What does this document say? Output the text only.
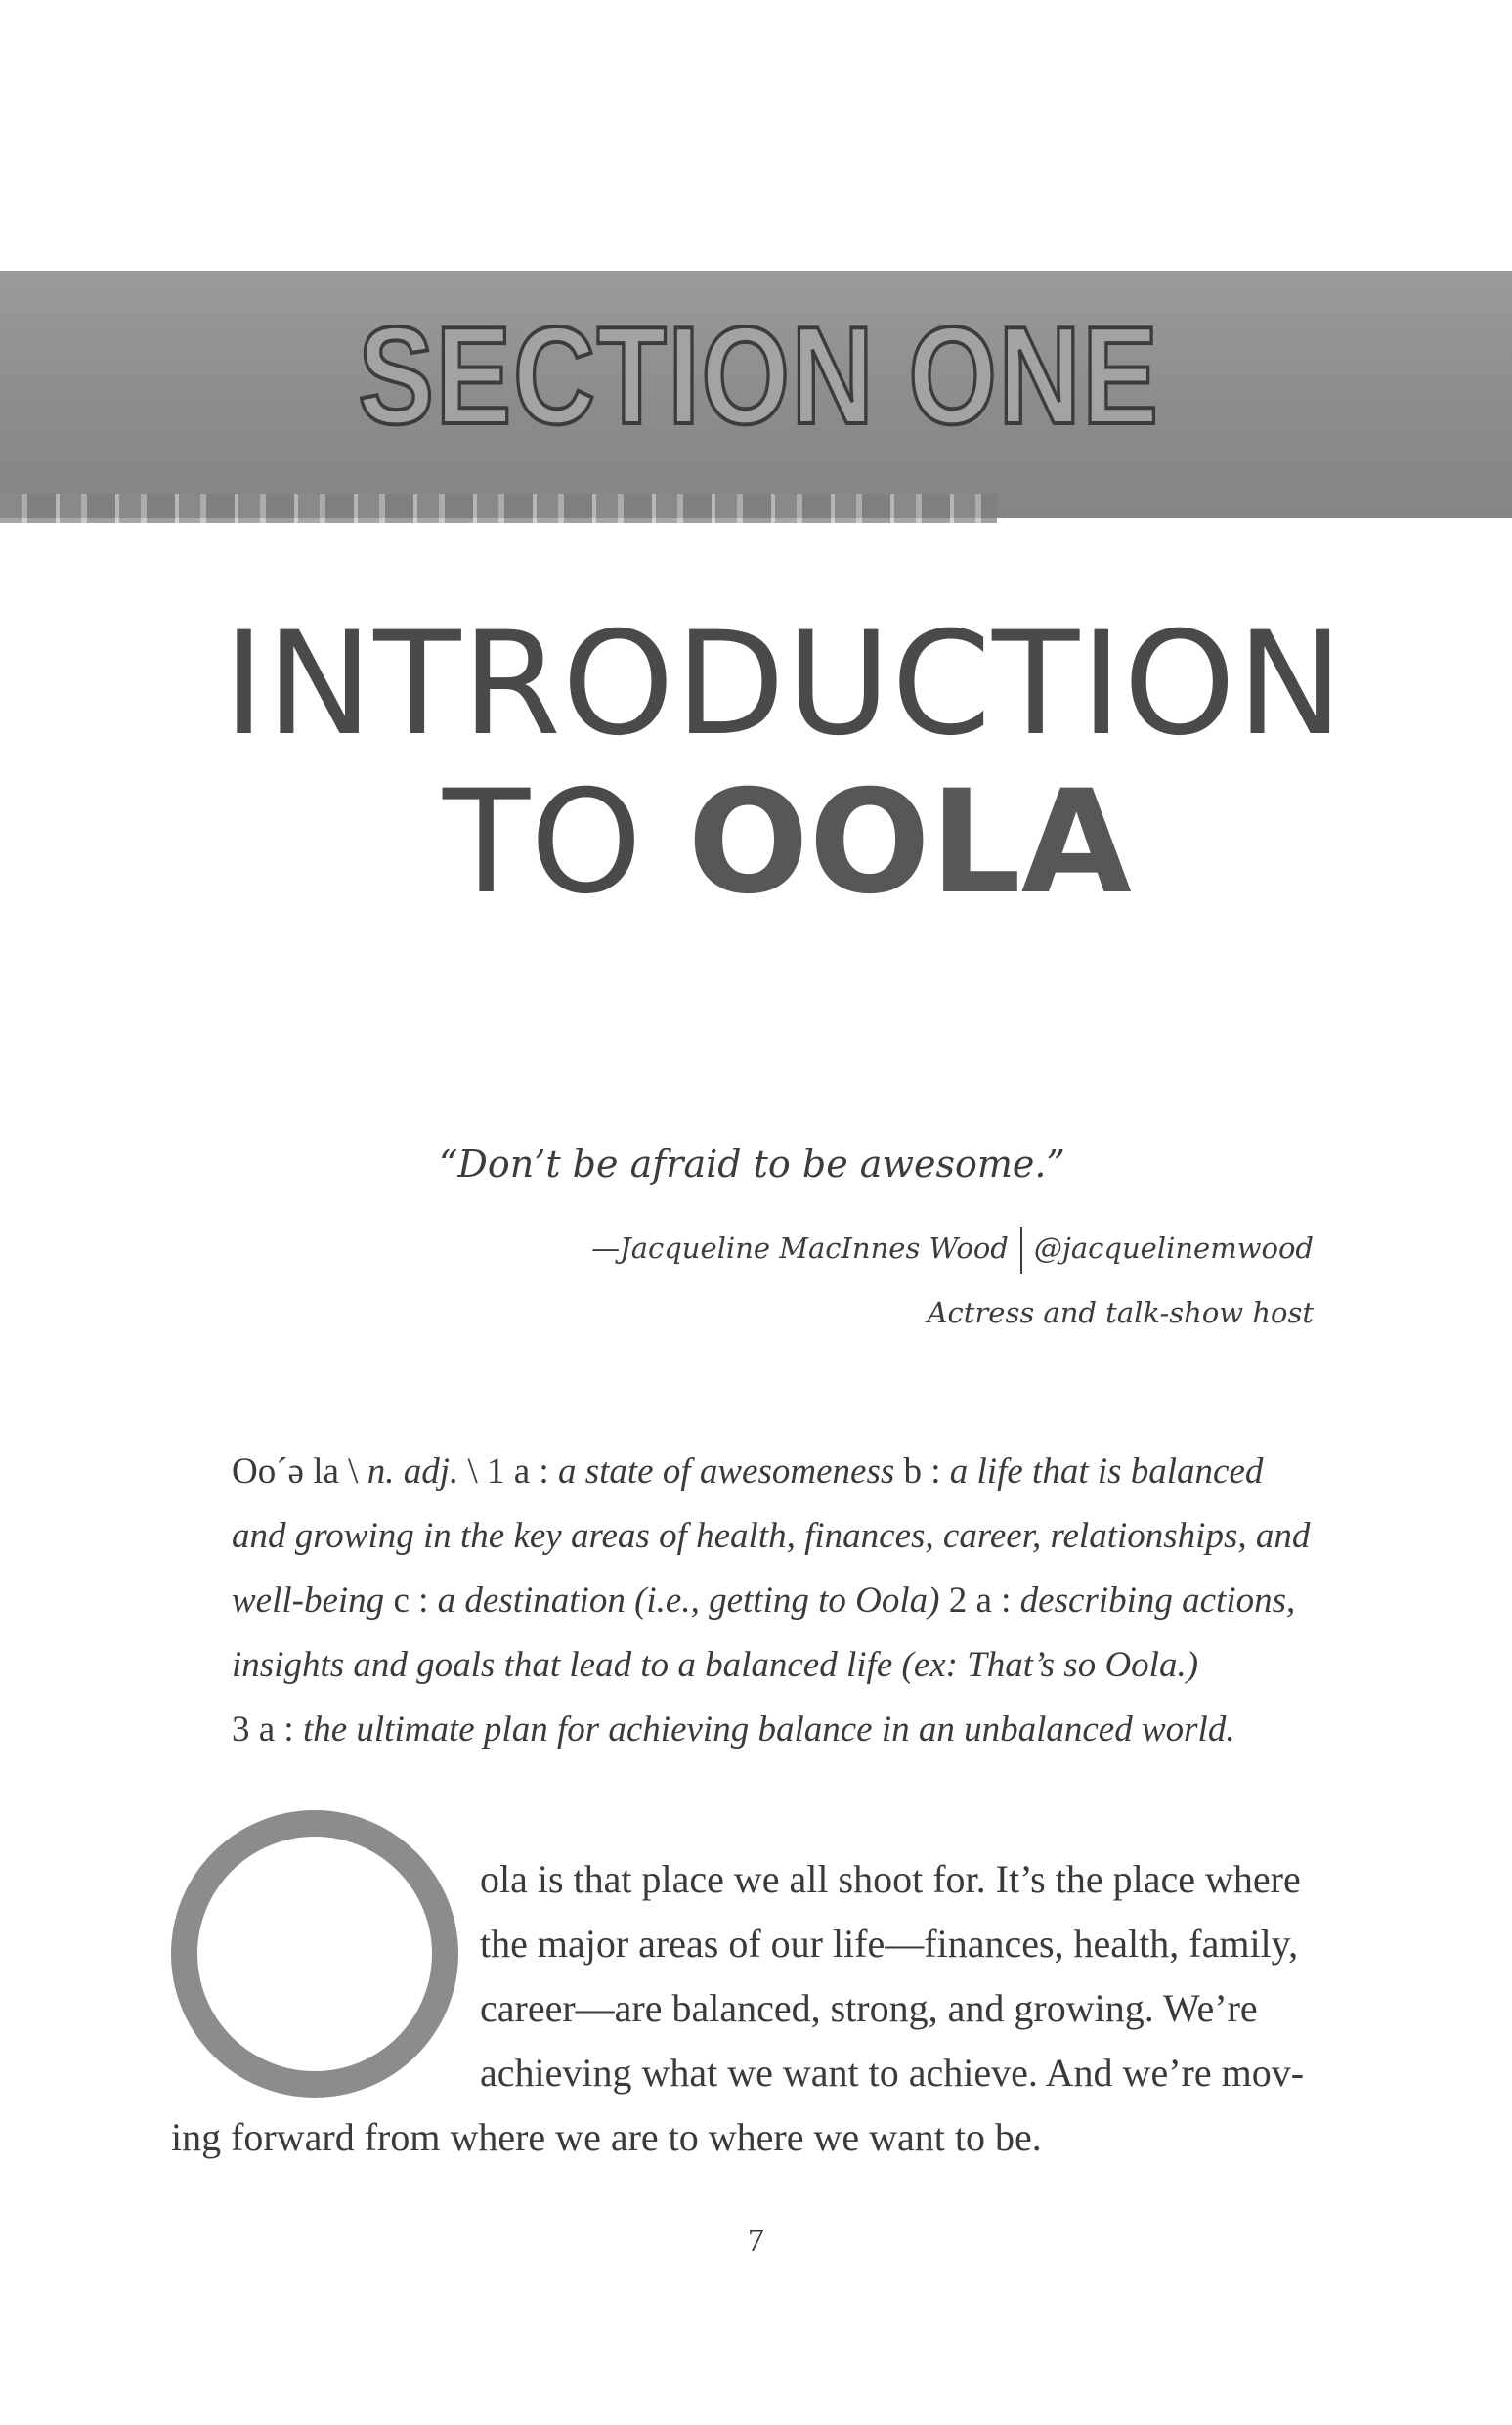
SECTION ONE
INTRODUCTION
TO OOLA
“Don’t be afraid to be awesome.”
—Jacqueline MacInnes Wood @jacquelinemwood
Actress and talk-show host
Oo´ə la \ n. adj. \ 1 a : a state of awesomeness b : a life that is balanced
and growing in the key areas of health, finances, career, relationships, and
well-being c : a destination (i.e., getting to Oola) 2 a : describing actions,
insights and goals that lead to a balanced life (ex: That’s so Oola.)
3 a : the ultimate plan for achieving balance in an unbalanced world.
ola is that place we all shoot for. It’s the place where
the major areas of our life—finances, health, family,
career—are balanced, strong, and growing. We’re
achieving what we want to achieve. And we’re mov-
ing forward from where we are to where we want to be.
7
